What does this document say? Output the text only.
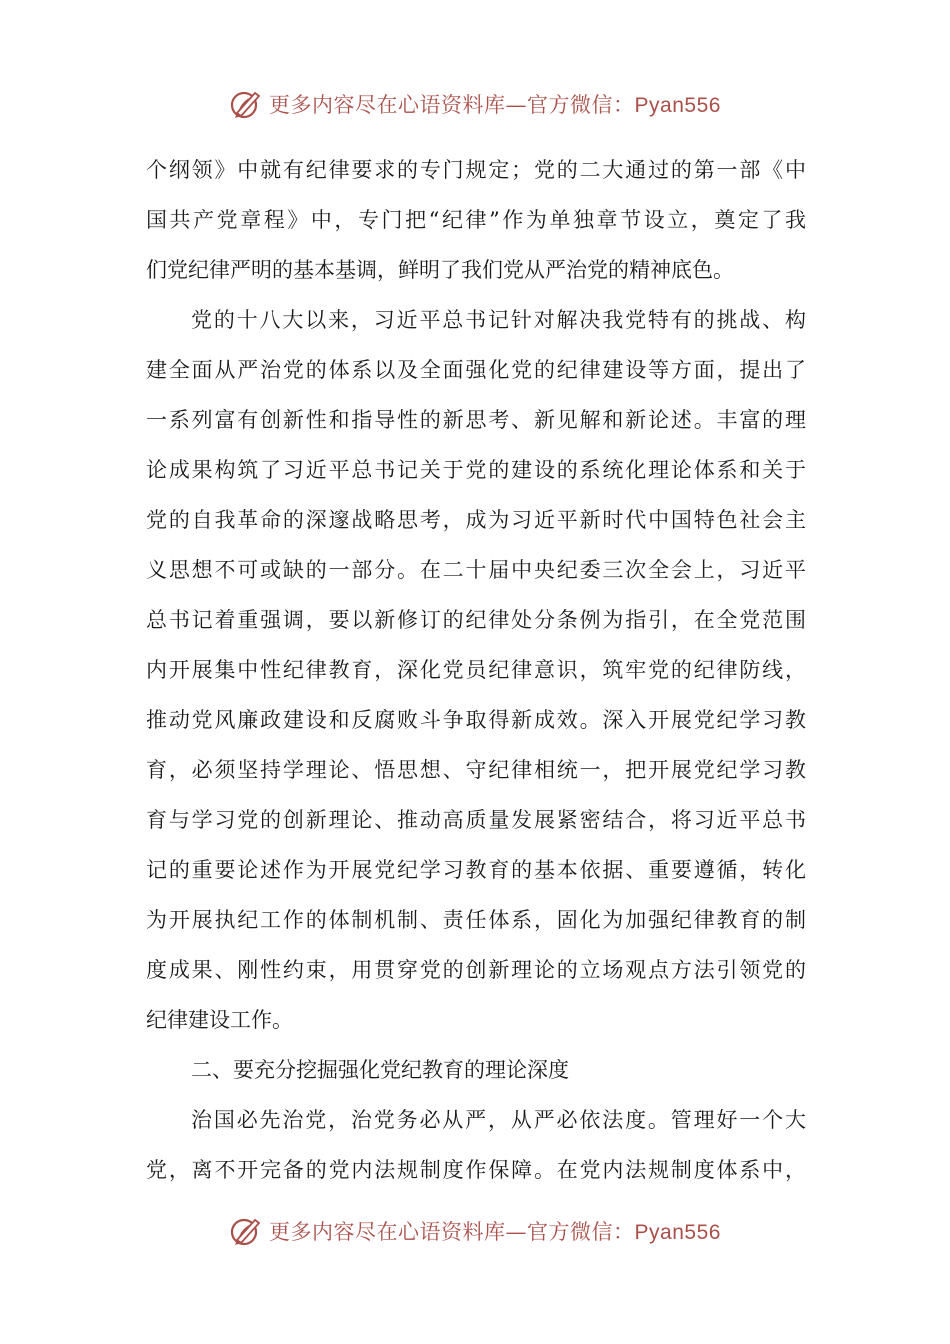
更多内容尽在心语资料库—官方微信：Pyan556
个纲领》中就有纪律要求的专门规定；党的二大通过的第一部《中
国共产党章程》中，专门把“纪律”作为单独章节设立，奠定了我
们党纪律严明的基本基调，鲜明了我们党从严治党的精神底色。
党的十八大以来，习近平总书记针对解决我党特有的挑战、构
建全面从严治党的体系以及全面强化党的纪律建设等方面，提出了
一系列富有创新性和指导性的新思考、新见解和新论述。丰富的理
论成果构筑了习近平总书记关于党的建设的系统化理论体系和关于
党的自我革命的深邃战略思考，成为习近平新时代中国特色社会主
义思想不可或缺的一部分。在二十届中央纪委三次全会上，习近平
总书记着重强调，要以新修订的纪律处分条例为指引，在全党范围
内开展集中性纪律教育，深化党员纪律意识，筑牢党的纪律防线，
推动党风廉政建设和反腐败斗争取得新成效。深入开展党纪学习教
育，必须坚持学理论、悟思想、守纪律相统一，把开展党纪学习教
育与学习党的创新理论、推动高质量发展紧密结合，将习近平总书
记的重要论述作为开展党纪学习教育的基本依据、重要遵循，转化
为开展执纪工作的体制机制、责任体系，固化为加强纪律教育的制
度成果、刚性约束，用贯穿党的创新理论的立场观点方法引领党的
纪律建设工作。
二、要充分挖掘强化党纪教育的理论深度
治国必先治党，治党务必从严，从严必依法度。管理好一个大
党，离不开完备的党内法规制度作保障。在党内法规制度体系中，
更多内容尽在心语资料库—官方微信：Pyan556
